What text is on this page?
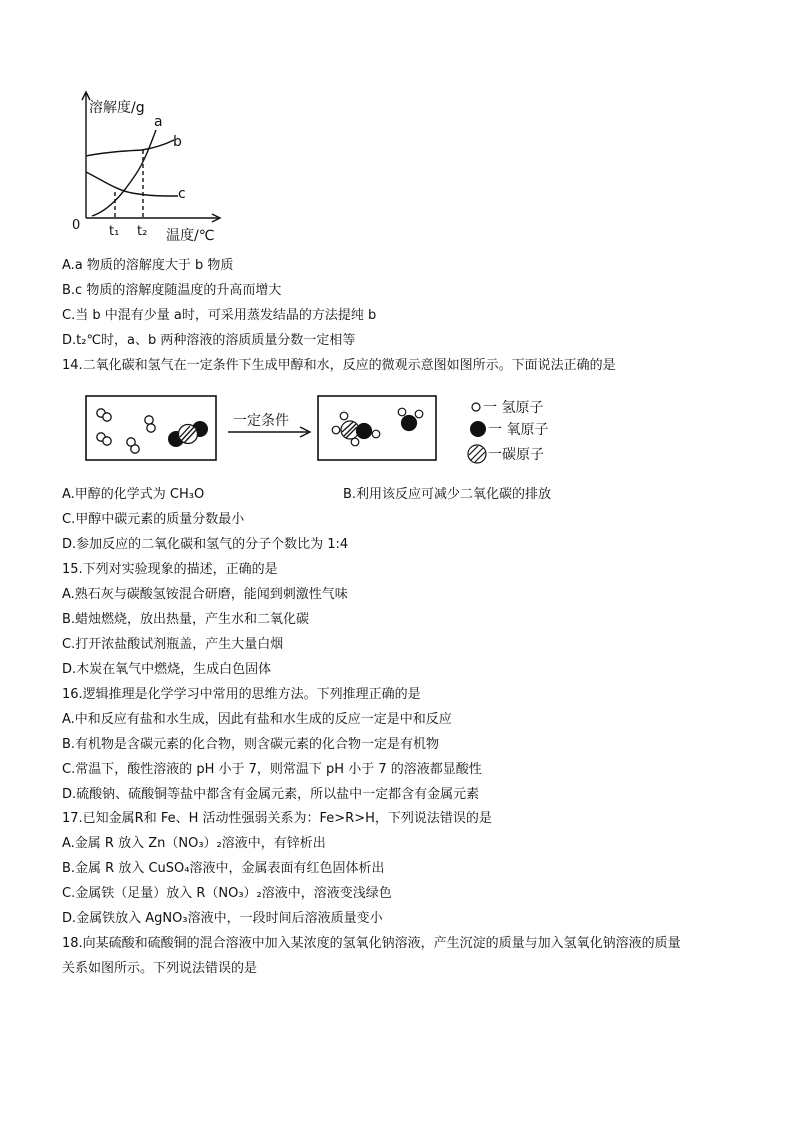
溶解度/g
a
b
c
0 t₁ t₂ 温度/℃
A.a 物质的溶解度大于 b 物质
B.c 物质的溶解度随温度的升高而增大
C.当 b 中混有少量 a时，可采用蒸发结晶的方法提纯 b
D.t₂℃时，a、b 两种溶液的溶质质量分数一定相等
14.二氧化碳和氢气在一定条件下生成甲醇和水，反应的微观示意图如图所示。下面说法正确的是
一定条件
一 氢原子
一 氧原子
一碳原子
A.甲醇的化学式为 CH₃O	B.利用该反应可减少二氧化碳的排放
C.甲醇中碳元素的质量分数最小
D.参加反应的二氧化碳和氢气的分子个数比为 1:4
15.下列对实验现象的描述，正确的是
A.熟石灰与碳酸氢铵混合研磨，能闻到刺激性气味
B.蜡烛燃烧，放出热量，产生水和二氧化碳
C.打开浓盐酸试剂瓶盖，产生大量白烟
D.木炭在氧气中燃烧，生成白色固体
16.逻辑推理是化学学习中常用的思维方法。下列推理正确的是
A.中和反应有盐和水生成，因此有盐和水生成的反应一定是中和反应
B.有机物是含碳元素的化合物，则含碳元素的化合物一定是有机物
C.常温下，酸性溶液的 pH 小于 7，则常温下 pH 小于 7 的溶液都显酸性
D.硫酸钠、硫酸铜等盐中都含有金属元素，所以盐中一定都含有金属元素
17.已知金属R和 Fe、H 活动性强弱关系为：Fe>R>H，下列说法错误的是
A.金属 R 放入 Zn（NO₃）₂溶液中，有锌析出
B.金属 R 放入 CuSO₄溶液中，金属表面有红色固体析出
C.金属铁（足量）放入 R（NO₃）₂溶液中，溶液变浅绿色
D.金属铁放入 AgNO₃溶液中，一段时间后溶液质量变小
18.向某硫酸和硫酸铜的混合溶液中加入某浓度的氢氧化钠溶液，产生沉淀的质量与加入氢氧化钠溶液的质量
关系如图所示。下列说法错误的是
